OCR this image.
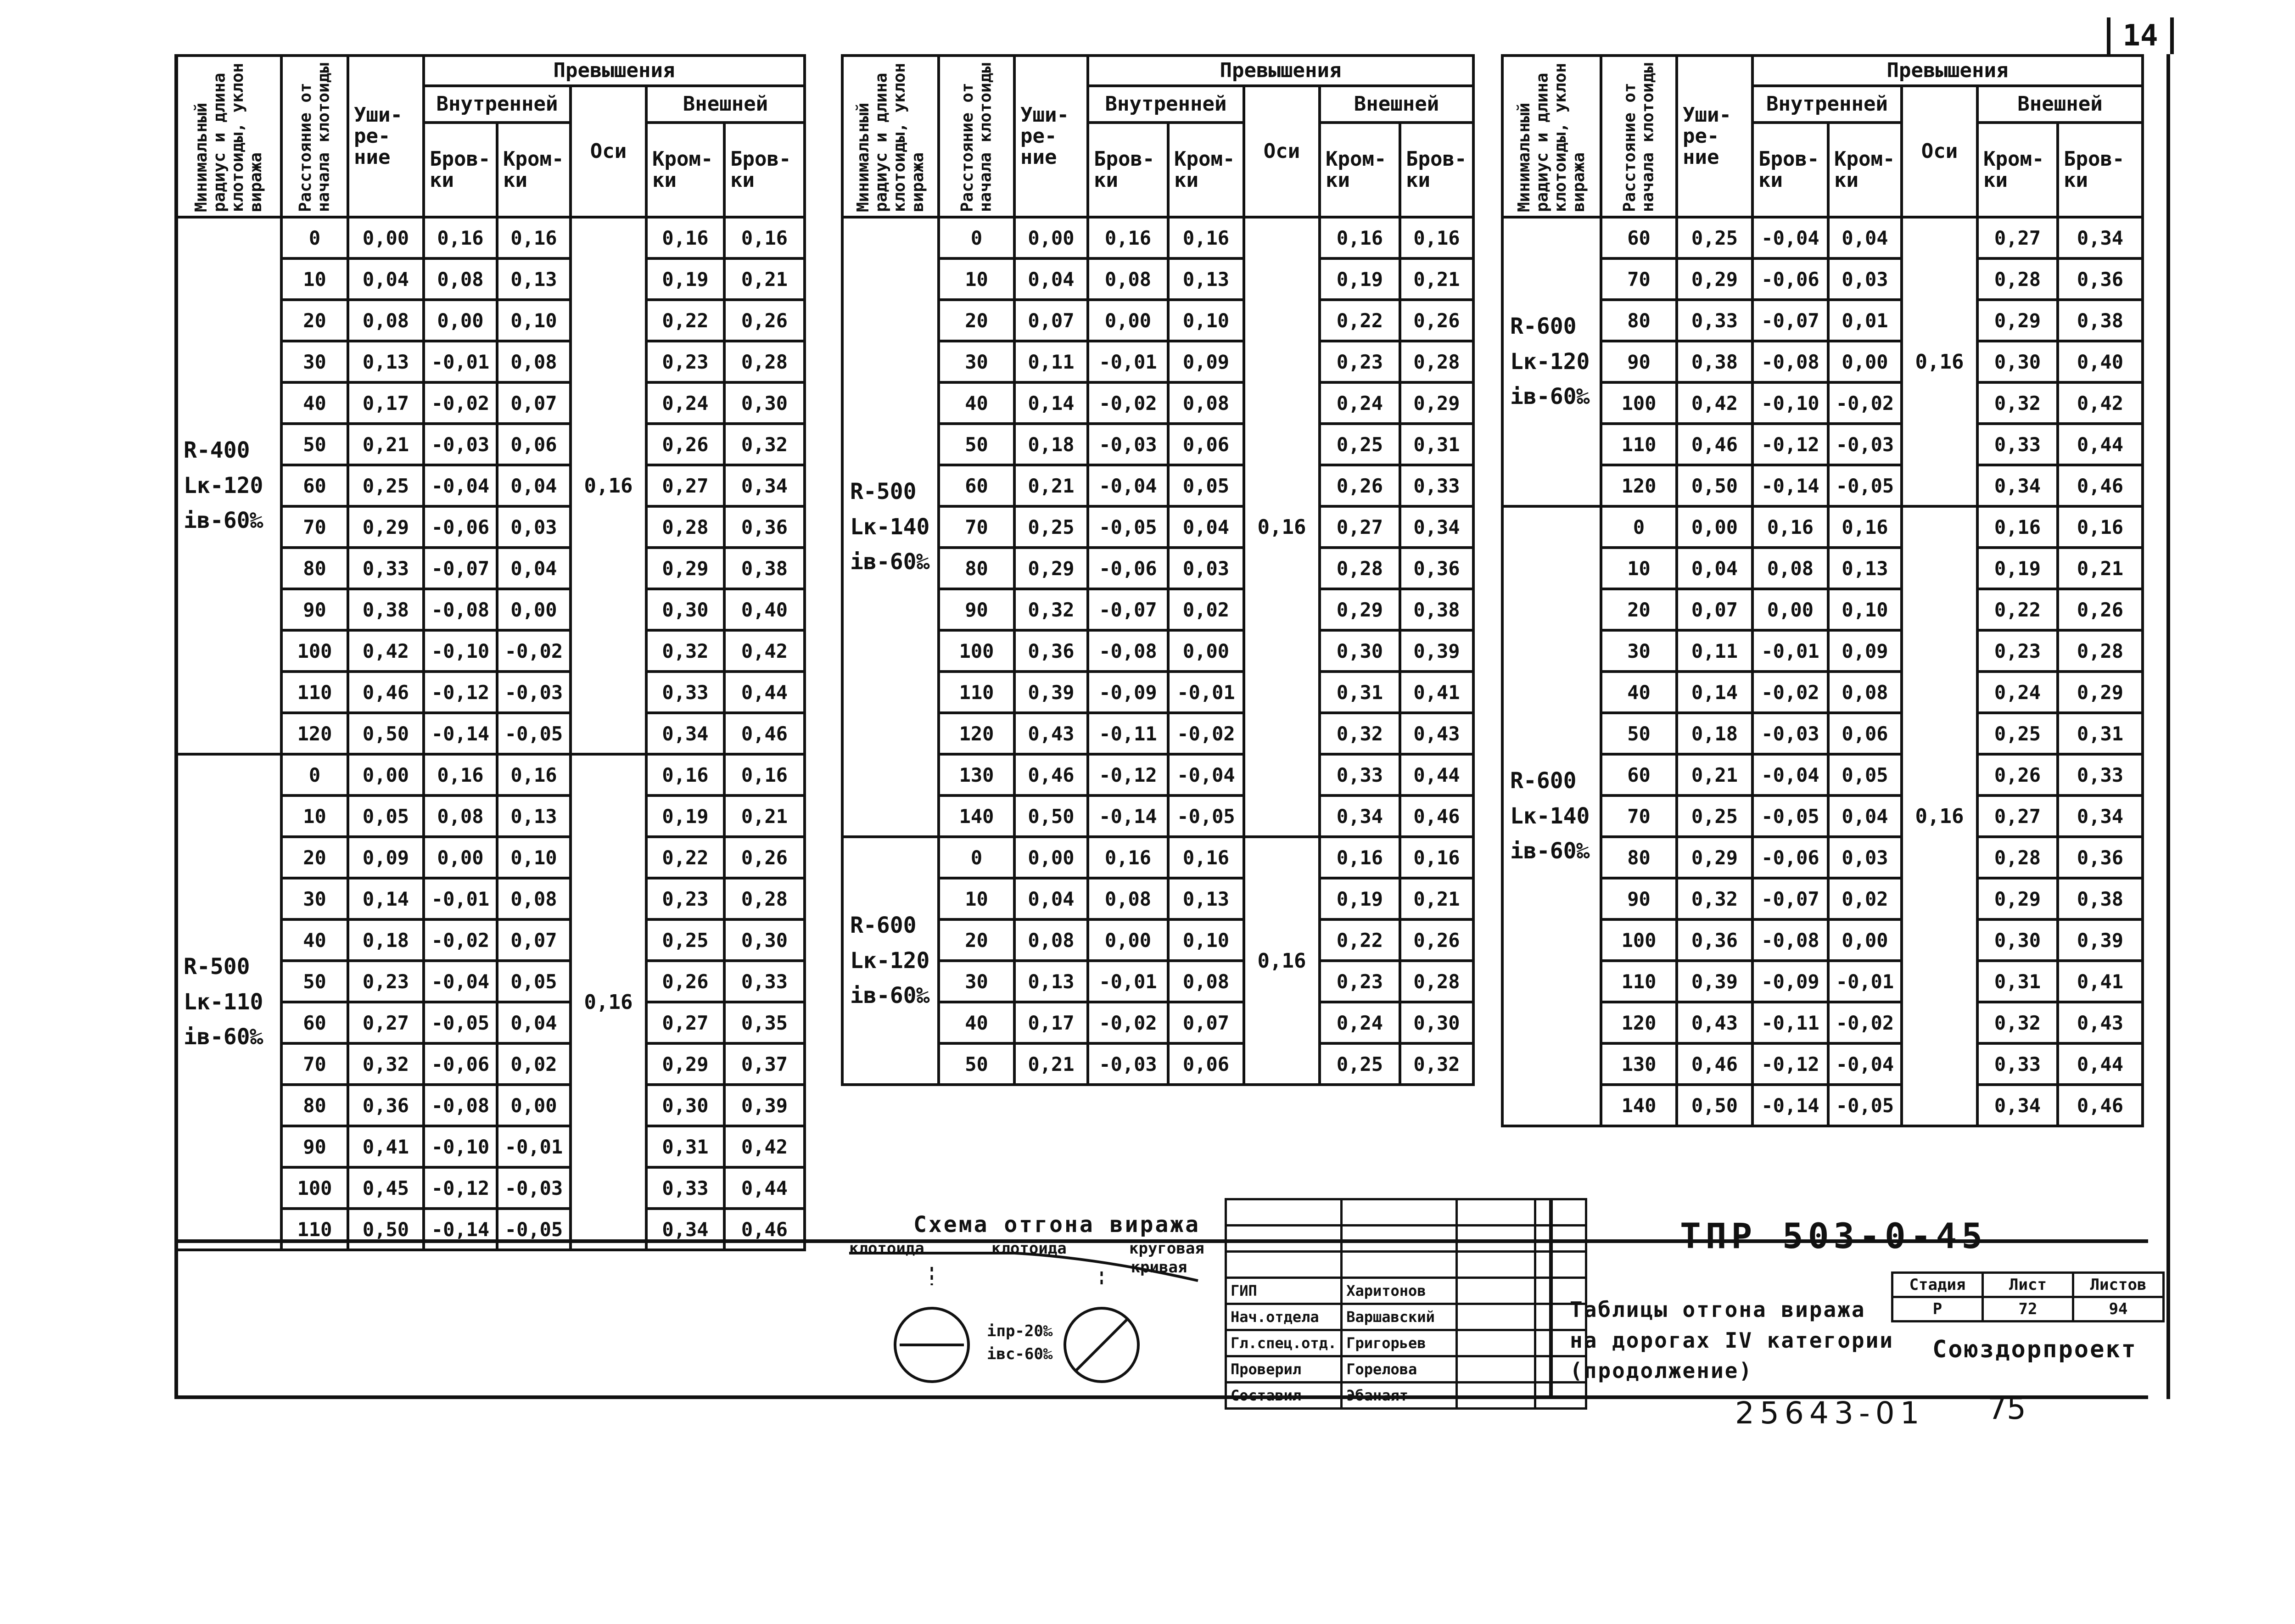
14
Минимальный радиус и длина клотоиды, уклон виража	Расстояние от начала клотоиды	Уши-ре-ние	Превышения				
			Внутренней		Оси	Внешней	
			Бров-ки	Кром-ки		Кром-ки	Бров-ки
R-400 Lк-120 iв-60‰	0	0,00	0,16	0,16	0,16	0,16	0,16
	10	0,04	0,08	0,13		0,19	0,21
	20	0,08	0,00	0,10		0,22	0,26
	30	0,13	-0,01	0,08		0,23	0,28
	40	0,17	-0,02	0,07		0,24	0,30
	50	0,21	-0,03	0,06		0,26	0,32
	60	0,25	-0,04	0,04		0,27	0,34
	70	0,29	-0,06	0,03		0,28	0,36
	80	0,33	-0,07	0,04		0,29	0,38
	90	0,38	-0,08	0,00		0,30	0,40
	100	0,42	-0,10	-0,02		0,32	0,42
	110	0,46	-0,12	-0,03		0,33	0,44
	120	0,50	-0,14	-0,05		0,34	0,46
R-500 Lк-110 iв-60‰	0	0,00	0,16	0,16	0,16	0,16	0,16
	10	0,05	0,08	0,13		0,19	0,21
	20	0,09	0,00	0,10		0,22	0,26
	30	0,14	-0,01	0,08		0,23	0,28
	40	0,18	-0,02	0,07		0,25	0,30
	50	0,23	-0,04	0,05		0,26	0,33
	60	0,27	-0,05	0,04		0,27	0,35
	70	0,32	-0,06	0,02		0,29	0,37
	80	0,36	-0,08	0,00		0,30	0,39
	90	0,41	-0,10	-0,01		0,31	0,42
	100	0,45	-0,12	-0,03		0,33	0,44
	110	0,50	-0,14	-0,05		0,34	0,46
Минимальный радиус и длина клотоиды, уклон виража	Расстояние от начала клотоиды	Уши-ре-ние	Превышения				
			Внутренней		Оси	Внешней	
			Бров-ки	Кром-ки		Кром-ки	Бров-ки
R-500 Lк-140 iв-60‰	0	0,00	0,16	0,16	0,16	0,16	0,16
	10	0,04	0,08	0,13		0,19	0,21
	20	0,07	0,00	0,10		0,22	0,26
	30	0,11	-0,01	0,09		0,23	0,28
	40	0,14	-0,02	0,08		0,24	0,29
	50	0,18	-0,03	0,06		0,25	0,31
	60	0,21	-0,04	0,05		0,26	0,33
	70	0,25	-0,05	0,04		0,27	0,34
	80	0,29	-0,06	0,03		0,28	0,36
	90	0,32	-0,07	0,02		0,29	0,38
	100	0,36	-0,08	0,00		0,30	0,39
	110	0,39	-0,09	-0,01		0,31	0,41
	120	0,43	-0,11	-0,02		0,32	0,43
	130	0,46	-0,12	-0,04		0,33	0,44
	140	0,50	-0,14	-0,05		0,34	0,46
R-600 Lк-120 iв-60‰	0	0,00	0,16	0,16	0,16	0,16	0,16
	10	0,04	0,08	0,13		0,19	0,21
	20	0,08	0,00	0,10		0,22	0,26
	30	0,13	-0,01	0,08		0,23	0,28
	40	0,17	-0,02	0,07		0,24	0,30
	50	0,21	-0,03	0,06		0,25	0,32
Минимальный радиус и длина клотоиды, уклон виража	Расстояние от начала клотоиды	Уши-ре-ние	Превышения				
			Внутренней		Оси	Внешней	
			Бров-ки	Кром-ки		Кром-ки	Бров-ки
R-600 Lк-120 iв-60‰	60	0,25	-0,04	0,04	0,16	0,27	0,34
	70	0,29	-0,06	0,03		0,28	0,36
	80	0,33	-0,07	0,01		0,29	0,38
	90	0,38	-0,08	0,00		0,30	0,40
	100	0,42	-0,10	-0,02		0,32	0,42
	110	0,46	-0,12	-0,03		0,33	0,44
	120	0,50	-0,14	-0,05		0,34	0,46
R-600 Lк-140 iв-60‰	0	0,00	0,16	0,16	0,16	0,16	0,16
	10	0,04	0,08	0,13		0,19	0,21
	20	0,07	0,00	0,10		0,22	0,26
	30	0,11	-0,01	0,09		0,23	0,28
	40	0,14	-0,02	0,08		0,24	0,29
	50	0,18	-0,03	0,06		0,25	0,31
	60	0,21	-0,04	0,05		0,26	0,33
	70	0,25	-0,05	0,04		0,27	0,34
	80	0,29	-0,06	0,03		0,28	0,36
	90	0,32	-0,07	0,02		0,29	0,38
	100	0,36	-0,08	0,00		0,30	0,39
	110	0,39	-0,09	-0,01		0,31	0,41
	120	0,43	-0,11	-0,02		0,32	0,43
	130	0,46	-0,12	-0,04		0,33	0,44
	140	0,50	-0,14	-0,05		0,34	0,46
Схема отгона виража
клотоида	клотоида	круговая кривая
iпр-20‰
iвс-60‰

ГИП	Харитонов		
Нач.отдела	Варшавский		
Гл.спец.отд.	Григорьев		
Проверил	Горелова		
Составил	Эбанаят		
ТПР 503-0-45
Таблицы отгона виража
на дорогах IV категории
(продолжение)
Стадия	Лист	Листов
Р	72	94
Союздорпроект
25643-01 75
